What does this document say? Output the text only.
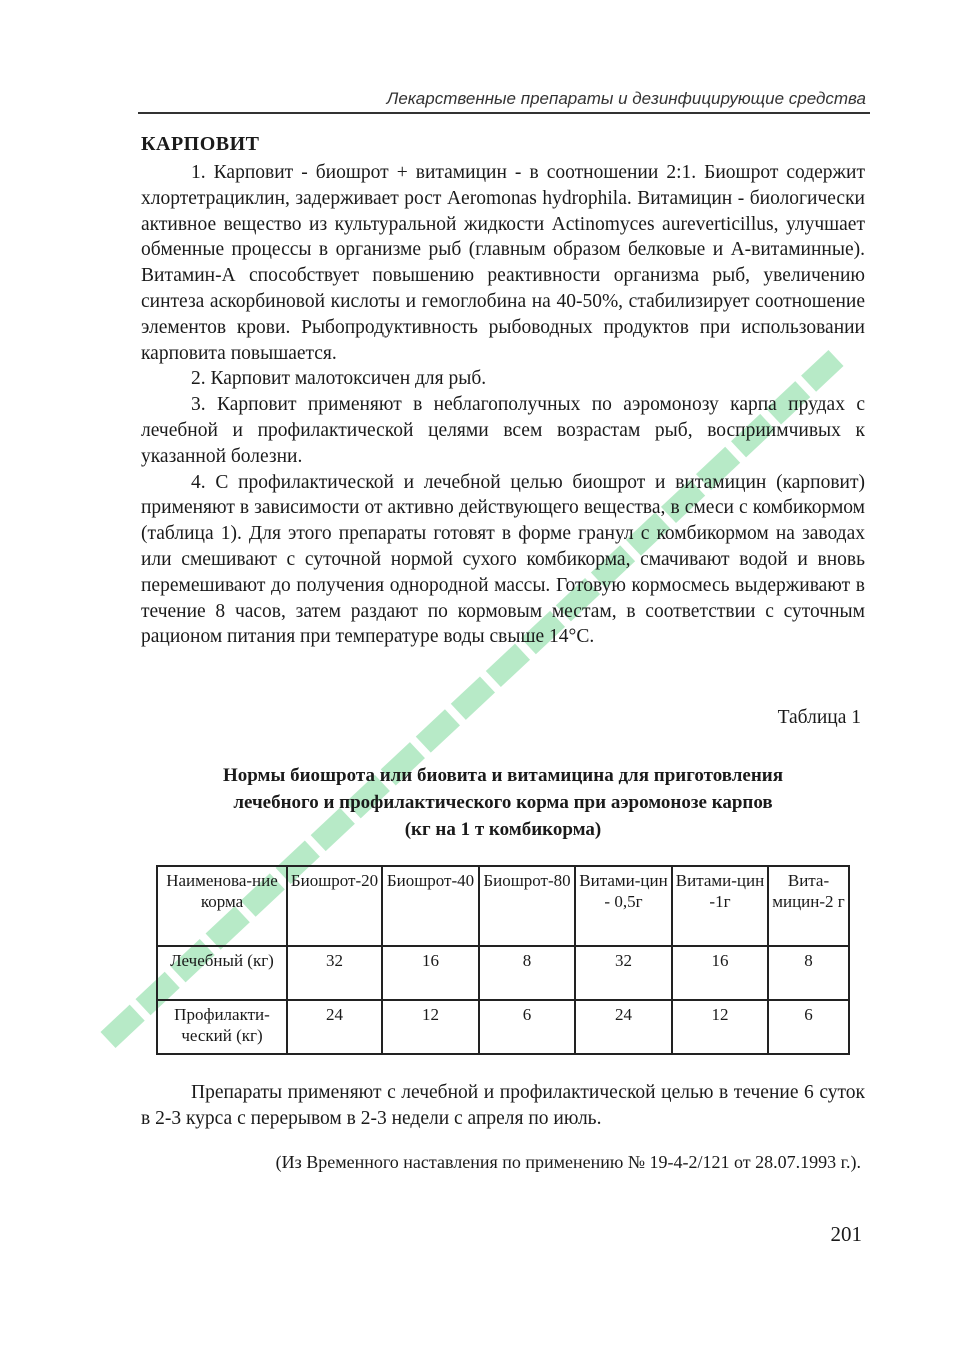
Лекарственные препараты и дезинфицирующие средства
КАРПОВИТ

1. Карповит - биошрот + витамицин - в соотношении 2:1. Биошрот содержит хлортетрациклин, задерживает рост Aeromonas hydrophila. Витамицин - биологически активное вещество из культуральной жидкости Actinomyces aureverticillus, улучшает обменные процессы в организме рыб (главным образом белковые и А-витаминные). Витамин-А способствует повышению реактивности организма рыб, увеличению синтеза аскорбиновой кислоты и гемоглобина на 40-50%, стабилизирует соотношение элементов крови. Рыбопродуктивность рыбоводных продуктов при использовании карповита повышается.

2. Карповит малотоксичен для рыб.

3. Карповит применяют в неблагополучных по аэромонозу карпа прудах с лечебной и профилактической целями всем возрастам рыб, восприимчивых к указанной болезни.

4. С профилактической и лечебной целью биошрот и витамицин (карповит) применяют в зависимости от активно действующего вещества, в смеси с комбикормом (таблица 1). Для этого препараты готовят в форме гранул с комбикормом на заводах или смешивают с суточной нормой сухого комбикорма, смачивают водой и вновь перемешивают до получения однородной массы. Готовую кормосмесь выдерживают в течение 8 часов, затем раздают по кормовым местам, в соответствии с суточным рационом питания при температуре воды свыше 14°С.

Таблица 1
Нормы биошрота или биовита и витамицина для приготовления
лечебного и профилактического корма при аэромонозе карпов
(кг на 1 т комбикорма)
Наименова-ние корма	Биошрот-20	Биошрот-40	Биошрот-80	Витами-цин - 0,5г	Витами-цин -1г	Вита-мицин-2 г
Лечебный (кг)	32	16	8	32	16	8
Профилакти-ческий (кг)	24	12	6	24	12	6

Препараты применяют с лечебной и профилактической целью в течение 6 суток в 2-3 курса с перерывом в 2-3 недели с апреля по июль.

(Из Временного наставления по применению № 19-4-2/121 от 28.07.1993 г.).
201
